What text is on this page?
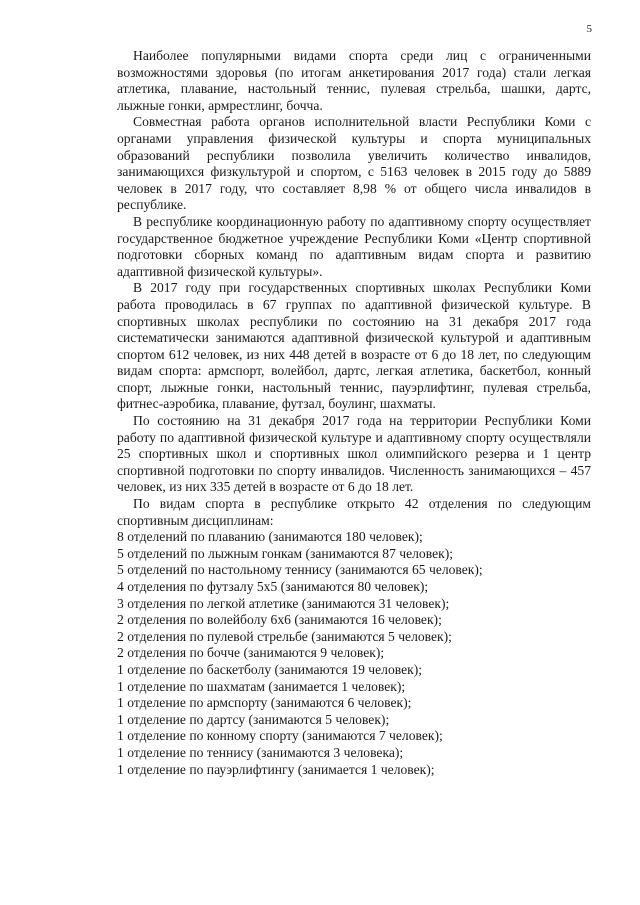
5

Наиболее популярными видами спорта среди лиц с ограниченными возможностями здоровья (по итогам анкетирования 2017 года) стали легкая атлетика, плавание, настольный теннис, пулевая стрельба, шашки, дартс, лыжные гонки, армрестлинг, бочча.

Совместная работа органов исполнительной власти Республики Коми с органами управления физической культуры и спорта муниципальных образований республики позволила увеличить количество инвалидов, занимающихся физкультурой и спортом, с 5163 человек в 2015 году до 5889 человек в 2017 году, что составляет 8,98 % от общего числа инвалидов в республике.

В республике координационную работу по адаптивному спорту осуществляет государственное бюджетное учреждение Республики Коми «Центр спортивной подготовки сборных команд по адаптивным видам спорта и развитию адаптивной физической культуры».

В 2017 году при государственных спортивных школах Республики Коми работа проводилась в 67 группах по адаптивной физической культуре. В спортивных школах республики по состоянию на 31 декабря 2017 года систематически занимаются адаптивной физической культурой и адаптивным спортом 612 человек, из них 448 детей в возрасте от 6 до 18 лет, по следующим видам спорта: армспорт, волейбол, дартс, легкая атлетика, баскетбол, конный спорт, лыжные гонки, настольный теннис, пауэрлифтинг, пулевая стрельба, фитнес-аэробика, плавание, футзал, боулинг, шахматы.

По состоянию на 31 декабря 2017 года на территории Республики Коми работу по адаптивной физической культуре и адаптивному спорту осуществляли 25 спортивных школ и спортивных школ олимпийского резерва и 1 центр спортивной подготовки по спорту инвалидов. Численность занимающихся – 457 человек, из них 335 детей в возрасте от 6 до 18 лет.

По видам спорта в республике открыто 42 отделения по следующим спортивным дисциплинам:

8 отделений по плаванию (занимаются 180 человек);
5 отделений по лыжным гонкам (занимаются 87 человек);
5 отделений по настольному теннису (занимаются 65 человек);
4 отделения по футзалу 5х5 (занимаются 80 человек);
3 отделения по легкой атлетике (занимаются 31 человек);
2 отделения по волейболу 6х6 (занимаются 16 человек);
2 отделения по пулевой стрельбе (занимаются 5 человек);
2 отделения по бочче (занимаются 9 человек);
1 отделение по баскетболу (занимаются 19 человек);
1 отделение по шахматам (занимается 1 человек);
1 отделение по армспорту (занимаются 6 человек);
1 отделение по дартсу (занимаются 5 человек);
1 отделение по конному спорту (занимаются 7 человек);
1 отделение по теннису (занимаются 3 человека);
1 отделение по пауэрлифтингу (занимается 1 человек);
